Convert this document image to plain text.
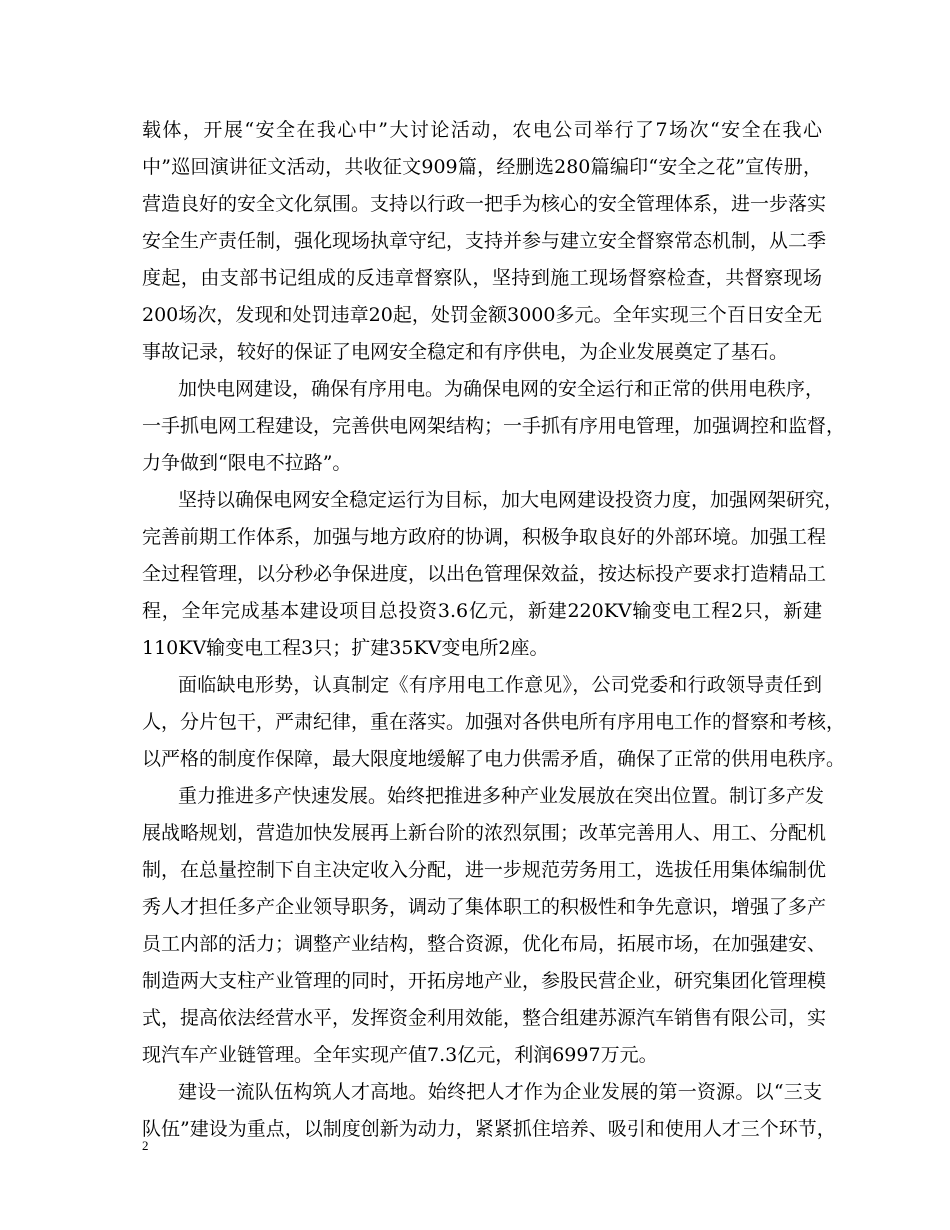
载体，开展“安全在我心中”大讨论活动，农电公司举行了7场次“安全在我心
中”巡回演讲征文活动，共收征文909篇，经删选280篇编印“安全之花”宣传册，
营造良好的安全文化氛围。支持以行政一把手为核心的安全管理体系，进一步落实
安全生产责任制，强化现场执章守纪，支持并参与建立安全督察常态机制，从二季
度起，由支部书记组成的反违章督察队，坚持到施工现场督察检查，共督察现场
200场次，发现和处罚违章20起，处罚金额3000多元。全年实现三个百日安全无
事故记录，较好的保证了电网安全稳定和有序供电，为企业发展奠定了基石。
加快电网建设，确保有序用电。为确保电网的安全运行和正常的供用电秩序，
一手抓电网工程建设，完善供电网架结构；一手抓有序用电管理，加强调控和监督，
力争做到“限电不拉路”。
坚持以确保电网安全稳定运行为目标，加大电网建设投资力度，加强网架研究，
完善前期工作体系，加强与地方政府的协调，积极争取良好的外部环境。加强工程
全过程管理，以分秒必争保进度，以出色管理保效益，按达标投产要求打造精品工
程，全年完成基本建设项目总投资3.6亿元，新建220KV输变电工程2只，新建
110KV输变电工程3只；扩建35KV变电所2座。
面临缺电形势，认真制定《有序用电工作意见》，公司党委和行政领导责任到
人，分片包干，严肃纪律，重在落实。加强对各供电所有序用电工作的督察和考核，
以严格的制度作保障，最大限度地缓解了电力供需矛盾，确保了正常的供用电秩序。
重力推进多产快速发展。始终把推进多种产业发展放在突出位置。制订多产发
展战略规划，营造加快发展再上新台阶的浓烈氛围；改革完善用人、用工、分配机
制，在总量控制下自主决定收入分配，进一步规范劳务用工，选拔任用集体编制优
秀人才担任多产企业领导职务，调动了集体职工的积极性和争先意识，增强了多产
员工内部的活力；调整产业结构，整合资源，优化布局，拓展市场，在加强建安、
制造两大支柱产业管理的同时，开拓房地产业，参股民营企业，研究集团化管理模
式，提高依法经营水平，发挥资金利用效能，整合组建苏源汽车销售有限公司，实
现汽车产业链管理。全年实现产值7.3亿元，利润6997万元。
建设一流队伍构筑人才高地。始终把人才作为企业发展的第一资源。以“三支
队伍”建设为重点，以制度创新为动力，紧紧抓住培养、吸引和使用人才三个环节，
2
